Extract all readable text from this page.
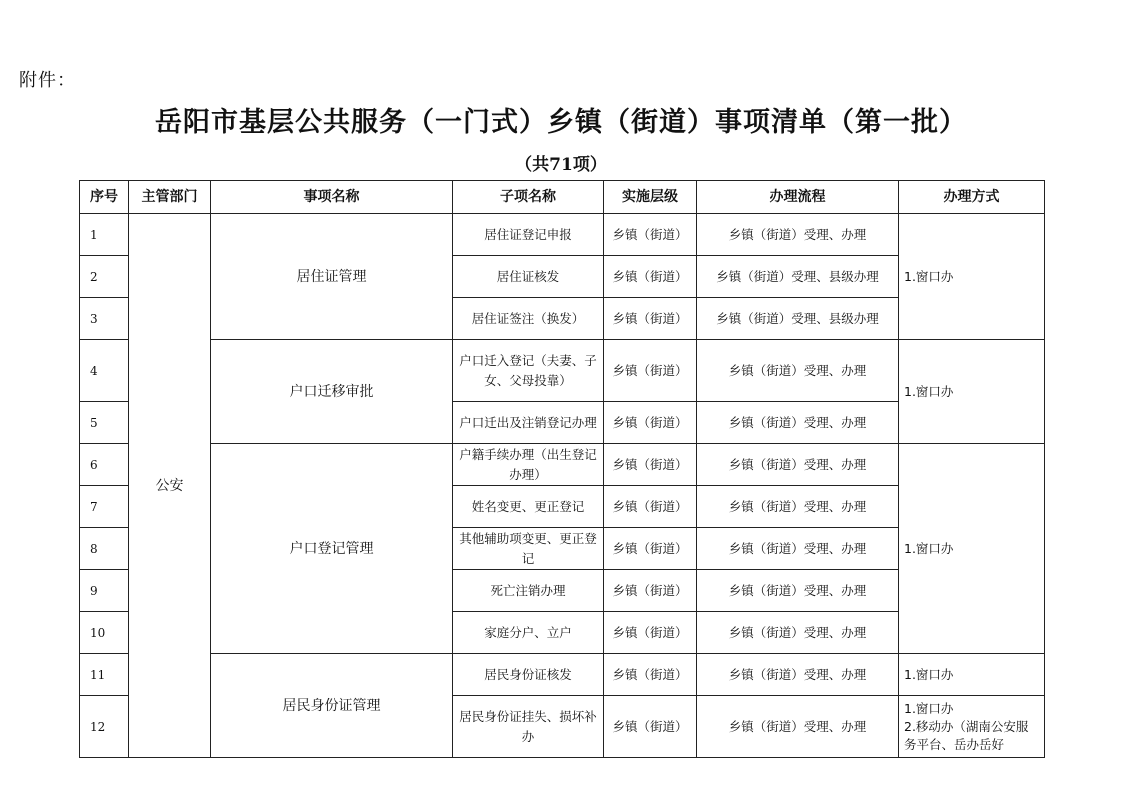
附件：
岳阳市基层公共服务（一门式）乡镇（街道）事项清单（第一批）
（共71项）
序号	主管部门	事项名称	子项名称	实施层级	办理流程	办理方式
1	公安	居住证管理	居住证登记申报	乡镇（街道）	乡镇（街道）受理、办理	1.窗口办
2			居住证核发	乡镇（街道）	乡镇（街道）受理、县级办理	
3			居住证签注（换发）	乡镇（街道）	乡镇（街道）受理、县级办理	
4		户口迁移审批	户口迁入登记（夫妻、子女、父母投靠）	乡镇（街道）	乡镇（街道）受理、办理	1.窗口办
5			户口迁出及注销登记办理	乡镇（街道）	乡镇（街道）受理、办理	
6		户口登记管理	户籍手续办理（出生登记办理）	乡镇（街道）	乡镇（街道）受理、办理	1.窗口办
7			姓名变更、更正登记	乡镇（街道）	乡镇（街道）受理、办理	
8			其他辅助项变更、更正登记	乡镇（街道）	乡镇（街道）受理、办理	
9			死亡注销办理	乡镇（街道）	乡镇（街道）受理、办理	
10			家庭分户、立户	乡镇（街道）	乡镇（街道）受理、办理	
11		居民身份证管理	居民身份证核发	乡镇（街道）	乡镇（街道）受理、办理	1.窗口办
12			居民身份证挂失、损坏补办	乡镇（街道）	乡镇（街道）受理、办理	1.窗口办
2.移动办（湖南公安服务平台、岳办岳好
